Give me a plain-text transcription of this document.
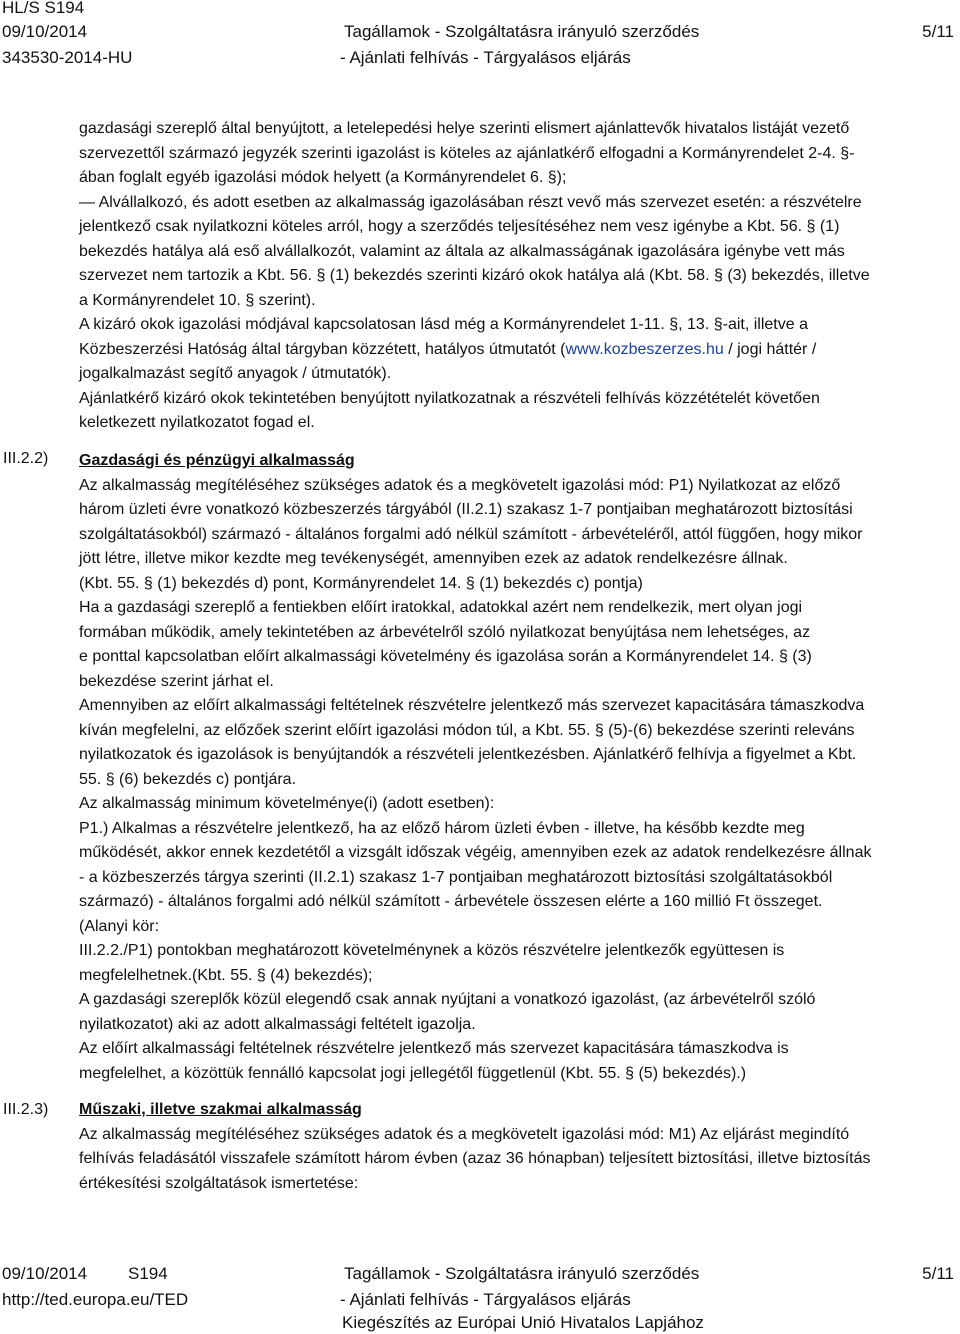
HL/S S194
09/10/2014
343530-2014-HU
Tagállamok - Szolgáltatásra irányuló szerződés
- Ajánlati felhívás - Tárgyalásos eljárás
5/11
III.2.2)
III.2.3)
gazdasági szereplő által benyújtott, a letelepedési helye szerinti elismert ajánlattevők hivatalos listáját vezető
szervezettől származó jegyzék szerinti igazolást is köteles az ajánlatkérő elfogadni a Kormányrendelet 2-4. §-
ában foglalt egyéb igazolási módok helyett (a Kormányrendelet 6. §);
— Alvállalkozó, és adott esetben az alkalmasság igazolásában részt vevő más szervezet esetén: a részvételre
jelentkező csak nyilatkozni köteles arról, hogy a szerződés teljesítéséhez nem vesz igénybe a Kbt. 56. § (1)
bekezdés hatálya alá eső alvállalkozót, valamint az általa az alkalmasságának igazolására igénybe vett más
szervezet nem tartozik a Kbt. 56. § (1) bekezdés szerinti kizáró okok hatálya alá (Kbt. 58. § (3) bekezdés, illetve
a Kormányrendelet 10. § szerint).
A kizáró okok igazolási módjával kapcsolatosan lásd még a Kormányrendelet 1-11. §, 13. §-ait, illetve a
Közbeszerzési Hatóság által tárgyban közzétett, hatályos útmutatót (www.kozbeszerzes.hu / jogi háttér /
jogalkalmazást segítő anyagok / útmutatók).
Ajánlatkérő kizáró okok tekintetében benyújtott nyilatkozatnak a részvételi felhívás közzétételét követően
keletkezett nyilatkozatot fogad el.
Gazdasági és pénzügyi alkalmasság
Az alkalmasság megítéléséhez szükséges adatok és a megkövetelt igazolási mód: P1) Nyilatkozat az előző
három üzleti évre vonatkozó közbeszerzés tárgyából (II.2.1) szakasz 1-7 pontjaiban meghatározott biztosítási
szolgáltatásokból) származó - általános forgalmi adó nélkül számított - árbevételéről, attól függően, hogy mikor
jött létre, illetve mikor kezdte meg tevékenységét, amennyiben ezek az adatok rendelkezésre állnak.
(Kbt. 55. § (1) bekezdés d) pont, Kormányrendelet 14. § (1) bekezdés c) pontja)
Ha a gazdasági szereplő a fentiekben előírt iratokkal, adatokkal azért nem rendelkezik, mert olyan jogi
formában működik, amely tekintetében az árbevételről szóló nyilatkozat benyújtása nem lehetséges, az
e ponttal kapcsolatban előírt alkalmassági követelmény és igazolása során a Kormányrendelet 14. § (3)
bekezdése szerint járhat el.
Amennyiben az előírt alkalmassági feltételnek részvételre jelentkező más szervezet kapacitására támaszkodva
kíván megfelelni, az előzőek szerint előírt igazolási módon túl, a Kbt. 55. § (5)-(6) bekezdése szerinti releváns
nyilatkozatok és igazolások is benyújtandók a részvételi jelentkezésben. Ajánlatkérő felhívja a figyelmet a Kbt.
55. § (6) bekezdés c) pontjára.
Az alkalmasság minimum követelménye(i) (adott esetben):
P1.) Alkalmas a részvételre jelentkező, ha az előző három üzleti évben - illetve, ha később kezdte meg
működését, akkor ennek kezdetétől a vizsgált időszak végéig, amennyiben ezek az adatok rendelkezésre állnak
- a közbeszerzés tárgya szerinti (II.2.1) szakasz 1-7 pontjaiban meghatározott biztosítási szolgáltatásokból
származó) - általános forgalmi adó nélkül számított - árbevétele összesen elérte a 160 millió Ft összeget.
(Alanyi kör:
III.2.2./P1) pontokban meghatározott követelménynek a közös részvételre jelentkezők együttesen is
megfelelhetnek.(Kbt. 55. § (4) bekezdés);
A gazdasági szereplők közül elegendő csak annak nyújtani a vonatkozó igazolást, (az árbevételről szóló
nyilatkozatot) aki az adott alkalmassági feltételt igazolja.
Az előírt alkalmassági feltételnek részvételre jelentkező más szervezet kapacitására támaszkodva is
megfelelhet, a közöttük fennálló kapcsolat jogi jellegétől függetlenül (Kbt. 55. § (5) bekezdés).)
Műszaki, illetve szakmai alkalmasság
Az alkalmasság megítéléséhez szükséges adatok és a megkövetelt igazolási mód: M1) Az eljárást megindító
felhívás feladásától visszafele számított három évben (azaz 36 hónapban) teljesített biztosítási, illetve biztosítás
értékesítési szolgáltatások ismertetése:
09/10/2014 S194
http://ted.europa.eu/TED
Tagállamok - Szolgáltatásra irányuló szerződés
- Ajánlati felhívás - Tárgyalásos eljárás
Kiegészítés az Európai Unió Hivatalos Lapjához
5/11
